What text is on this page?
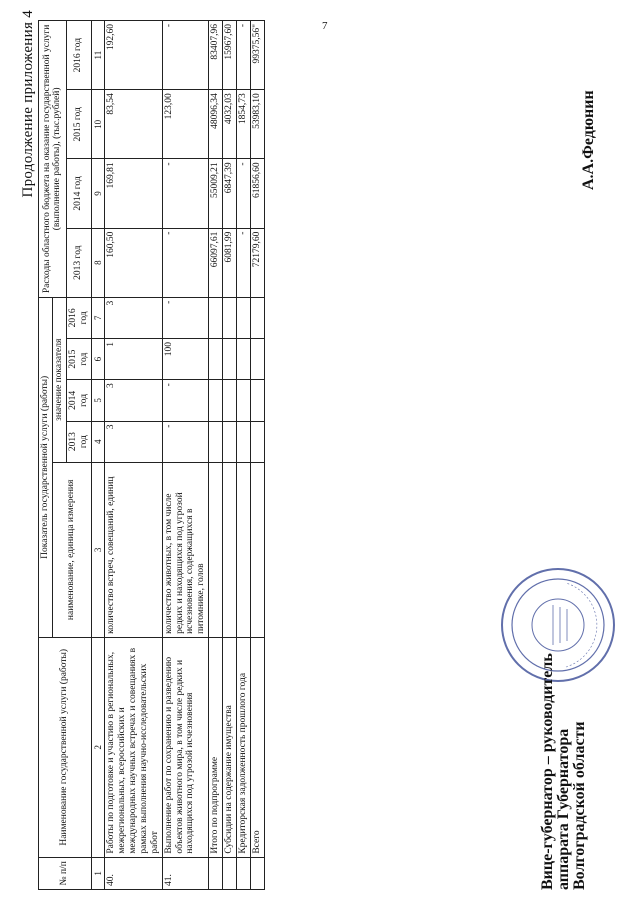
7
Продолжение приложения 4
№ п/п	Наименование государственной услуги (работы)	Показатель государственной услуги (работы)					Расходы областного бюджета на оказание государственной услуги (выполнение работы), (тыс.рублей)			
		наименование, единица измерения	значение показателя							
			2013 год	2014 год	2015 год	2016 год	2013 год	2014 год	2015 год	2016 год
1	2	3	4	5	6	7	8	9	10	11
40.	Работы по подготовке и участию в региональных, межрегиональных, всероссийских и международных научных встречах и совещаниях в рамках выполнения научно-исследовательских работ	количество встреч, совещаний, единиц	3	3	1	3	160,50	169,81	83,54	192,60
41.	Выполнение работ по сохранению и разведению объектов животного мира, в том числе редких и находящихся под угрозой исчезновения	количество животных, в том числе редких и находящихся под угрозой исчезновения, содержащихся в питомнике, голов	-	-	100	-	-	-	123,00	-
	Итого по подпрограмме						66097,61	55009,21	48096,34	83407,96
	Субсидии на содержание имущества						6081,99	6847,39	4032,03	15967,60
	Кредиторская задолженность прошлого года						-	-	1854,73	-
	Всего						72179,60	61856,60	53983,10	99375,56"
Вице-губернатор – руководитель аппарата Губернатора Волгоградской области
А.А.Федюнин
